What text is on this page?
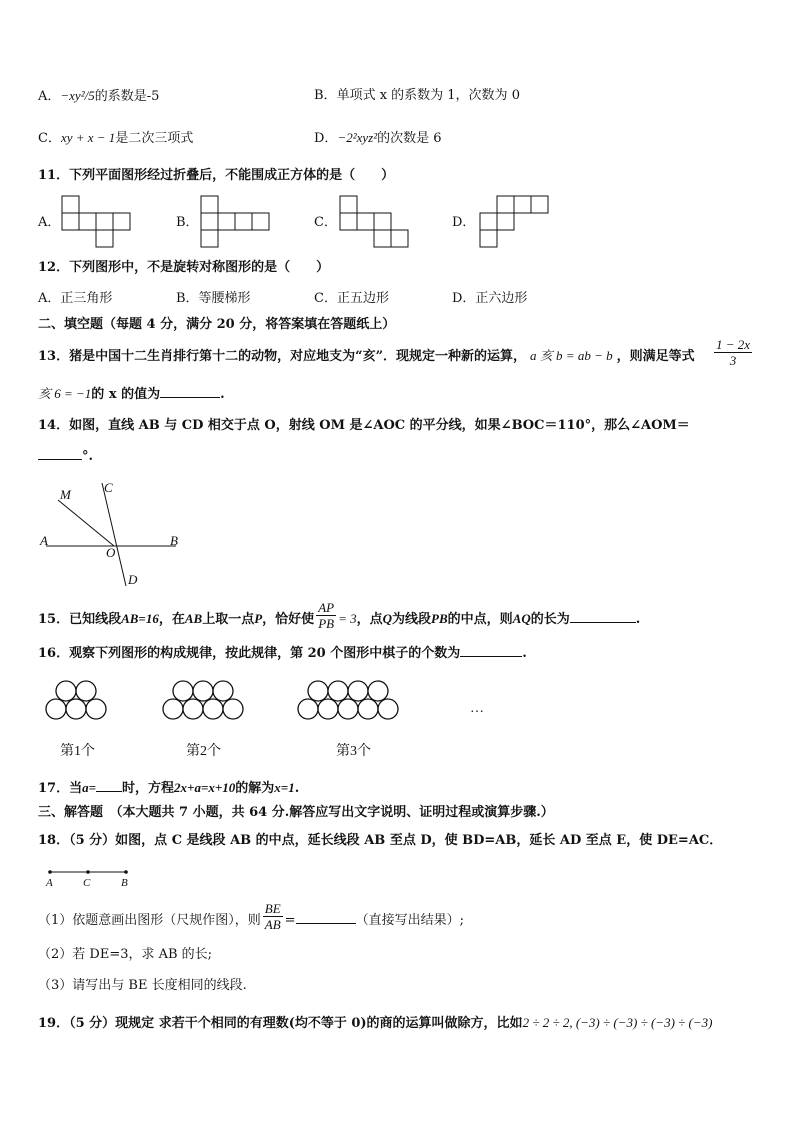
A．−xy²/5的系数是-5	B．单项式 x 的系数为 1，次数为 0
C．xy + x − 1是二次三项式	D．−2²xyz²的次数是 6
11．下列平面图形经过折叠后，不能围成正方体的是（　　）
A．	B．	C．	D．
12．下列图形中，不是旋转对称图形的是（　　）
A．正三角形	B．等腰梯形	C．正五边形	D．正六边形
二、填空题（每题 4 分，满分 20 分，将答案填在答题纸上）
13．猪是中国十二生肖排行第十二的动物，对应地支为“亥”．现规定一种新的运算， a 亥 b = ab − b ，则满足等式 $\frac{1 - 2x}{3}$
亥 6 = −1的 x 的值为	.
14．如图，直线 AB 与 CD 相交于点 O，射线 OM 是∠AOC 的平分线，如果∠BOC＝110°，那么∠AOM＝
°.
M	C
A
O
B
D
15．已知线段AB=16，在AB上取一点P，恰好使 $\frac{AP}{PB} = 3$，点Q为线段PB的中点，则AQ的长为	.
16．观察下列图形的构成规律，按此规律，第 20 个图形中棋子的个数为	.
第1个	第2个	第3个
…
17．当a= 时，方程2x+a=x+10的解为x=1.
三、解答题　（本大题共 7 小题，共 64 分.解答应写出文字说明、证明过程或演算步骤.）
18．（5 分）如图，点 C 是线段 AB 的中点，延长线段 AB 至点 D，使 BD=AB，延长 AD 至点 E，使 DE=AC．
A	C	B
（1）依题意画出图形（尺规作图），则 $\frac{BE}{AB}$ =	（直接写出结果）;
（2）若 DE=3，求 AB 的长;
（3）请写出与 BE 长度相同的线段.
19．（5 分）现规定 求若干个相同的有理数(均不等于 0)的商的运算叫做除方，比如2 ÷ 2 ÷ 2, (−3) ÷ (−3) ÷ (−3) ÷ (−3)
